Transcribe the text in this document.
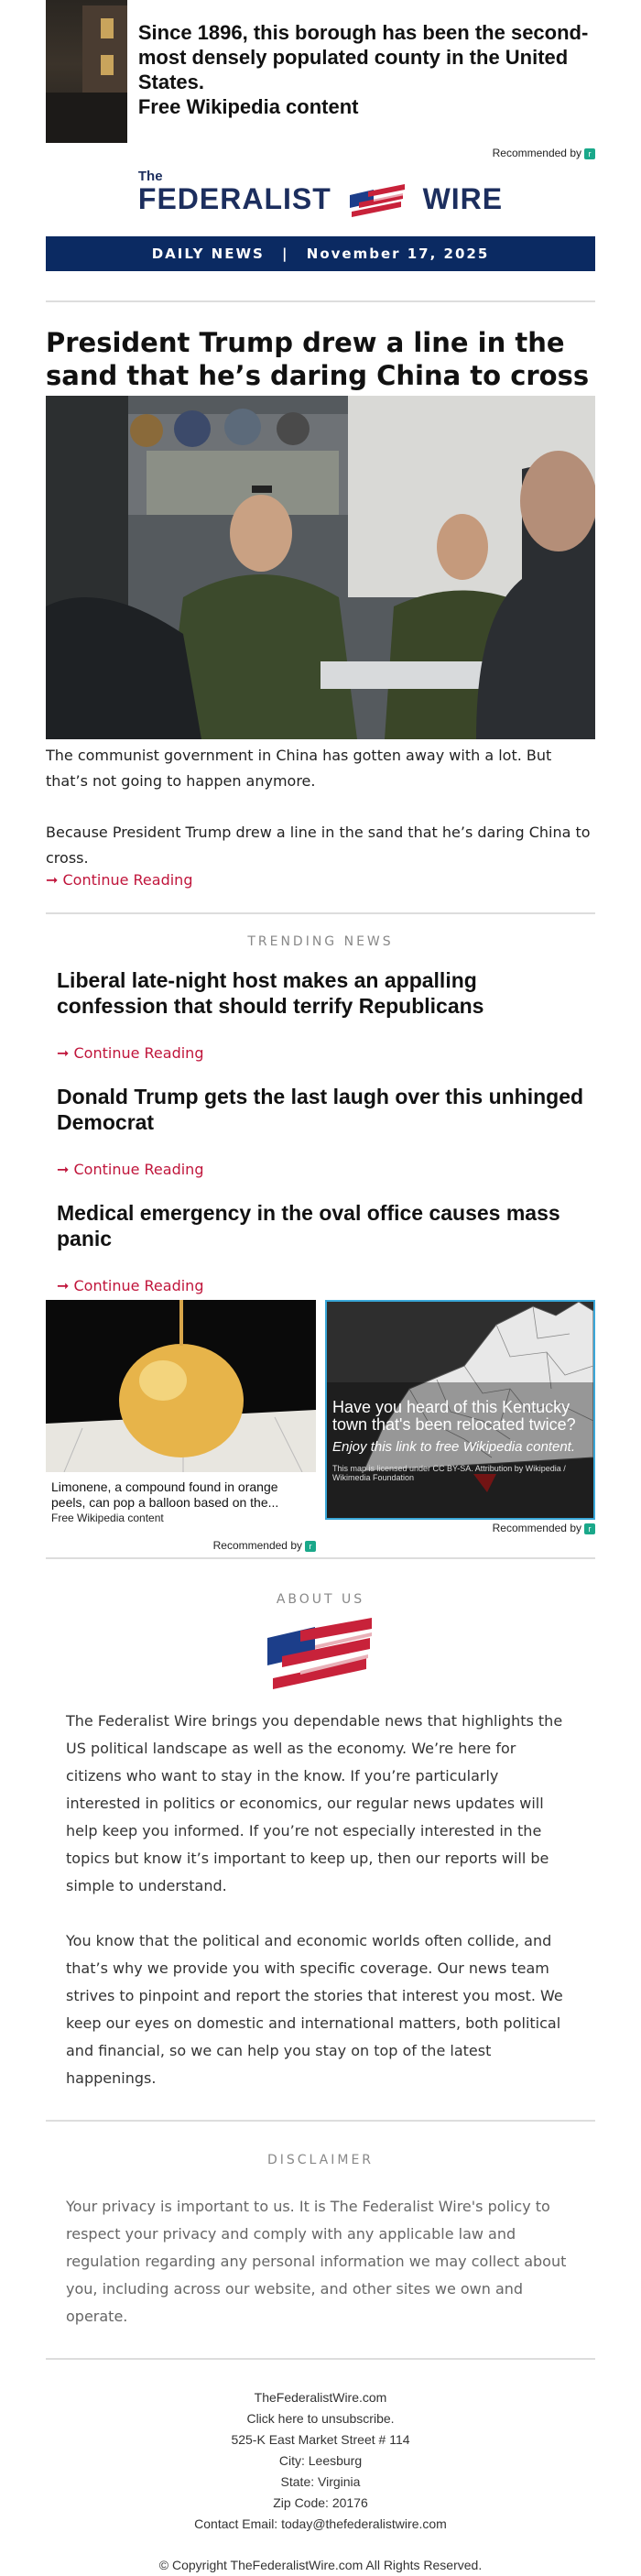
Since 1896, this borough has been the second-most densely populated county in the United States.
Free Wikipedia content
Recommended by r
The
FEDERALIST	WIRE
DAILY NEWS | November 17, 2025
President Trump drew a line in the sand that he’s daring China to cross

The communist government in China has gotten away with a lot. But that’s not going to happen anymore.

Because President Trump drew a line in the sand that he’s daring China to cross.

➞ Continue Reading
TRENDING NEWS
Liberal late-night host makes an appalling confession that should terrify Republicans
➞ Continue Reading
Donald Trump gets the last laugh over this unhinged Democrat
➞ Continue Reading
Medical emergency in the oval office causes mass panic
➞ Continue Reading
Limonene, a compound found in orange peels, can pop a balloon based on the...
Free Wikipedia content
Recommended by r
Have you heard of this Kentucky town that's been relocated twice?
Enjoy this link to free Wikipedia content.
This map is licensed under CC BY-SA. Attribution by Wikipedia / Wikimedia Foundation
Recommended by r
ABOUT US

The Federalist Wire brings you dependable news that highlights the US political landscape as well as the economy. We’re here for citizens who want to stay in the know. If you’re particularly interested in politics or economics, our regular news updates will help keep you informed. If you’re not especially interested in the topics but know it’s important to keep up, then our reports will be simple to understand.

You know that the political and economic worlds often collide, and that’s why we provide you with specific coverage. Our news team strives to pinpoint and report the stories that interest you most. We keep our eyes on domestic and international matters, both political and financial, so we can help you stay on top of the latest happenings.

DISCLAIMER

Your privacy is important to us. It is The Federalist Wire's policy to respect your privacy and comply with any applicable law and regulation regarding any personal information we may collect about you, including across our website, and other sites we own and operate.

TheFederalistWire.com
Click here to unsubscribe.
525-K East Market Street # 114
City: Leesburg
State: Virginia
Zip Code: 20176
Contact Email: today@thefederalistwire.com
© Copyright TheFederalistWire.com All Rights Reserved.
